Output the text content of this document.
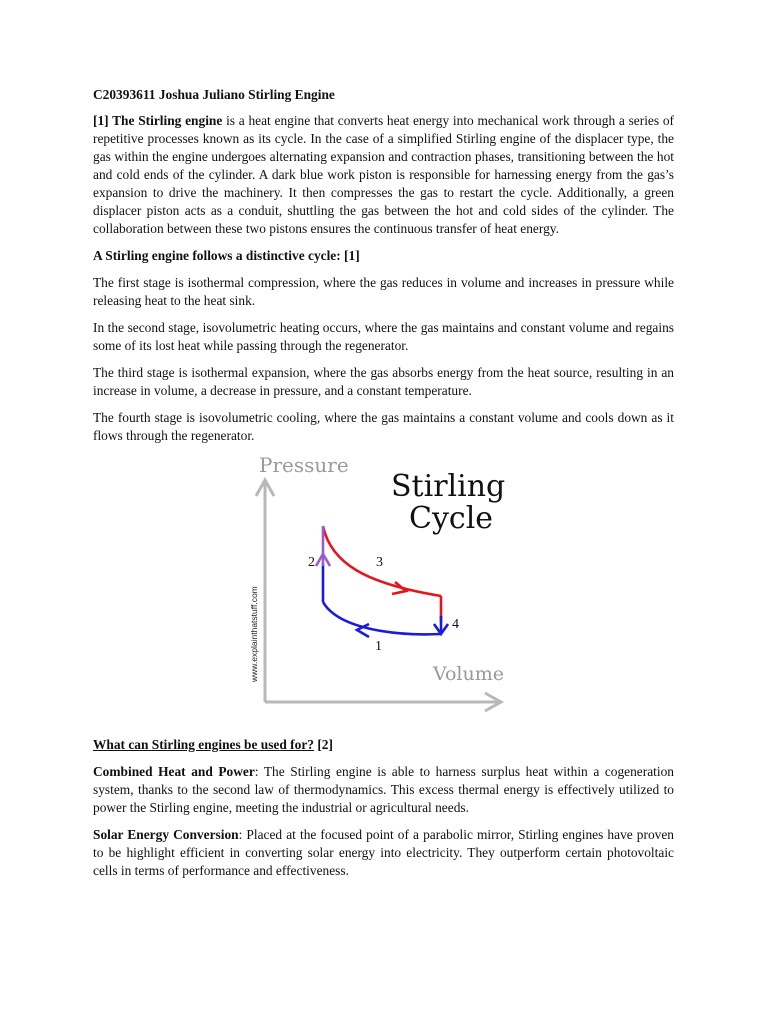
C20393611 Joshua Juliano Stirling Engine

[1] The Stirling engine is a heat engine that converts heat energy into mechanical work through a series of repetitive processes known as its cycle. In the case of a simplified Stirling engine of the displacer type, the gas within the engine undergoes alternating expansion and contraction phases, transitioning between the hot and cold ends of the cylinder. A dark blue work piston is responsible for harnessing energy from the gas’s expansion to drive the machinery. It then compresses the gas to restart the cycle. Additionally, a green displacer piston acts as a conduit, shuttling the gas between the hot and cold sides of the cylinder. The collaboration between these two pistons ensures the continuous transfer of heat energy.

A Stirling engine follows a distinctive cycle: [1]

The first stage is isothermal compression, where the gas reduces in volume and increases in pressure while releasing heat to the heat sink.

In the second stage, isovolumetric heating occurs, where the gas maintains and constant volume and regains some of its lost heat while passing through the regenerator.

The third stage is isothermal expansion, where the gas absorbs energy from the heat source, resulting in an increase in volume, a decrease in pressure, and a constant temperature.

The fourth stage is isovolumetric cooling, where the gas maintains a constant volume and cools down as it flows through the regenerator.

Pressure
Volume
Stirling
Cycle
www.explainthatstuff.com
2	3
4
1

What can Stirling engines be used for? [2]

Combined Heat and Power: The Stirling engine is able to harness surplus heat within a cogeneration system, thanks to the second law of thermodynamics. This excess thermal energy is effectively utilized to power the Stirling engine, meeting the industrial or agricultural needs.

Solar Energy Conversion: Placed at the focused point of a parabolic mirror, Stirling engines have proven to be highlight efficient in converting solar energy into electricity. They outperform certain photovoltaic cells in terms of performance and effectiveness.
